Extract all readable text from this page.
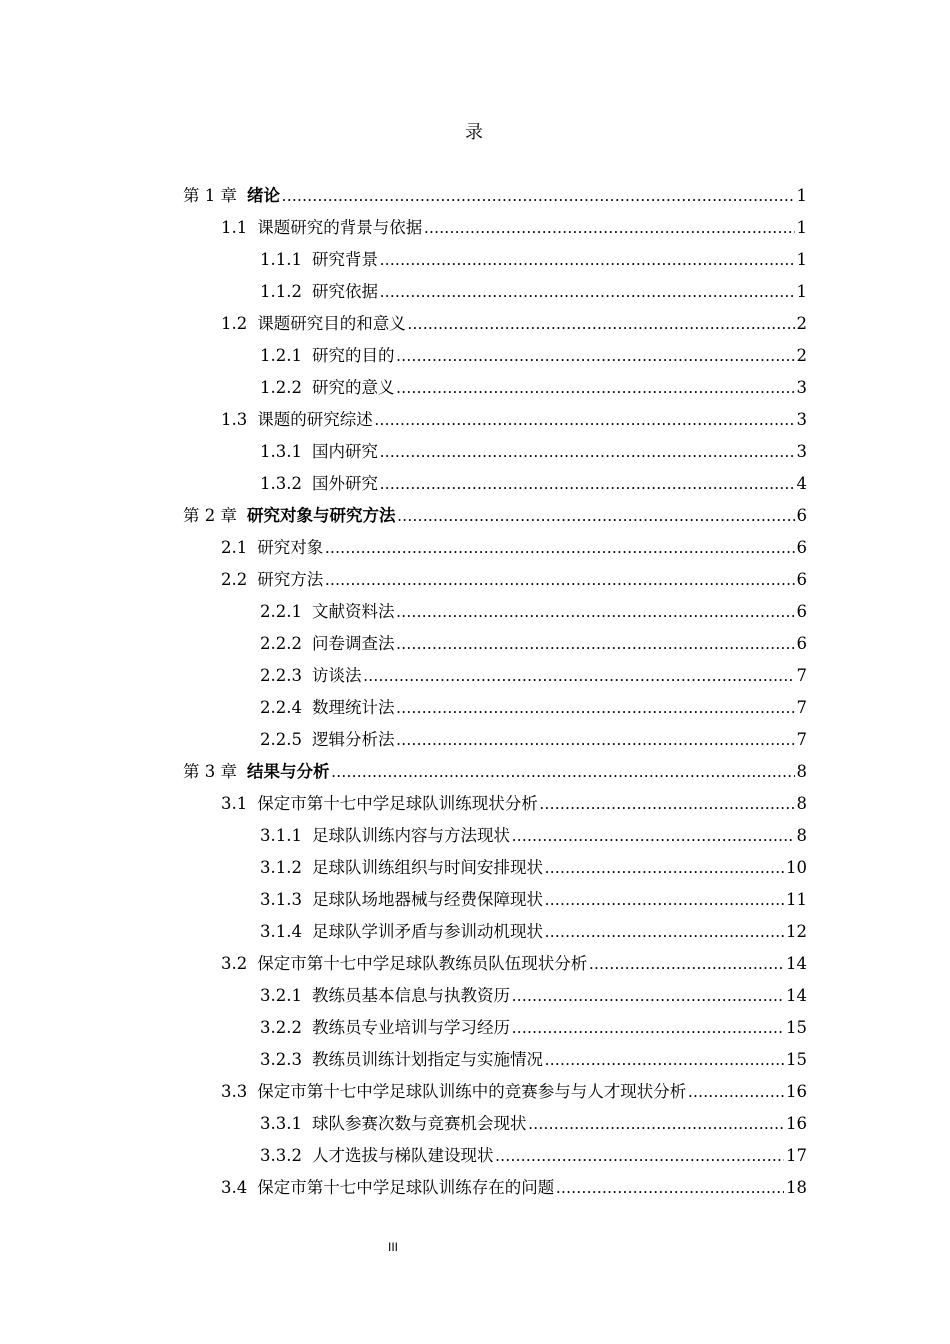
录
第 1 章 绪论 .....	1
1.1 课题研究的背景与依据 .....	1
1.1.1 研究背景 .....	1
1.1.2 研究依据 .....	1
1.2 课题研究目的和意义 .....	2
1.2.1 研究的目的 .....	2
1.2.2 研究的意义 .....	3
1.3 课题的研究综述 .....	3
1.3.1 国内研究 .....	3
1.3.2 国外研究 .....	4
第 2 章 研究对象与研究方法 .....	6
2.1 研究对象 .....	6
2.2 研究方法 .....	6
2.2.1 文献资料法 .....	6
2.2.2 问卷调查法 .....	6
2.2.3 访谈法 .....	7
2.2.4 数理统计法 .....	7
2.2.5 逻辑分析法 .....	7
第 3 章 结果与分析 .....	8
3.1 保定市第十七中学足球队训练现状分析 .....	8
3.1.1 足球队训练内容与方法现状 .....	8
3.1.2 足球队训练组织与时间安排现状 .....	10
3.1.3 足球队场地器械与经费保障现状 .....	11
3.1.4 足球队学训矛盾与参训动机现状 .....	12
3.2 保定市第十七中学足球队教练员队伍现状分析 .....	14
3.2.1 教练员基本信息与执教资历 .....	14
3.2.2 教练员专业培训与学习经历 .....	15
3.2.3 教练员训练计划指定与实施情况 .....	15
3.3 保定市第十七中学足球队训练中的竞赛参与与人才现状分析 .....	16
3.3.1 球队参赛次数与竞赛机会现状 .....	16
3.3.2 人才选拔与梯队建设现状 .....	17
3.4 保定市第十七中学足球队训练存在的问题 .....	18
III
